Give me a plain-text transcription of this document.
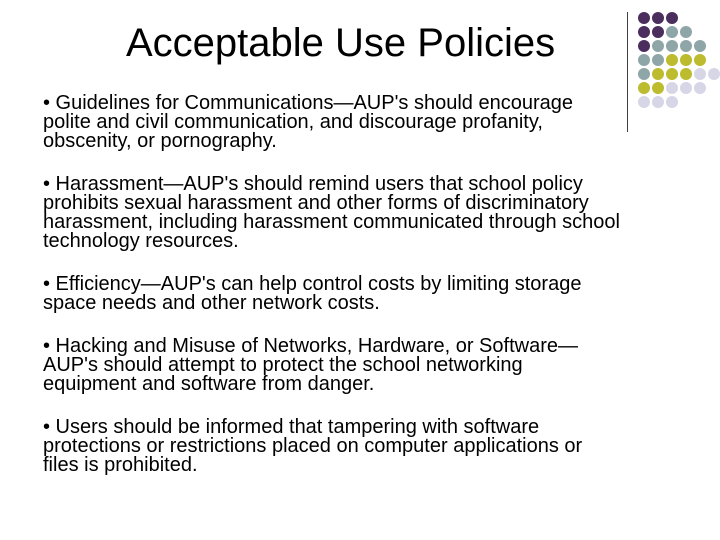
Acceptable Use Policies

• Guidelines for Communications—AUP's should encourage
polite and civil communication, and discourage profanity,
obscenity, or pornography.

• Harassment—AUP's should remind users that school policy
prohibits sexual harassment and other forms of discriminatory
harassment, including harassment communicated through school
technology resources.

• Efficiency—AUP's can help control costs by limiting storage
space needs and other network costs.

• Hacking and Misuse of Networks, Hardware, or Software—
AUP's should attempt to protect the school networking
equipment and software from danger.

• Users should be informed that tampering with software
protections or restrictions placed on computer applications or
files is prohibited.
